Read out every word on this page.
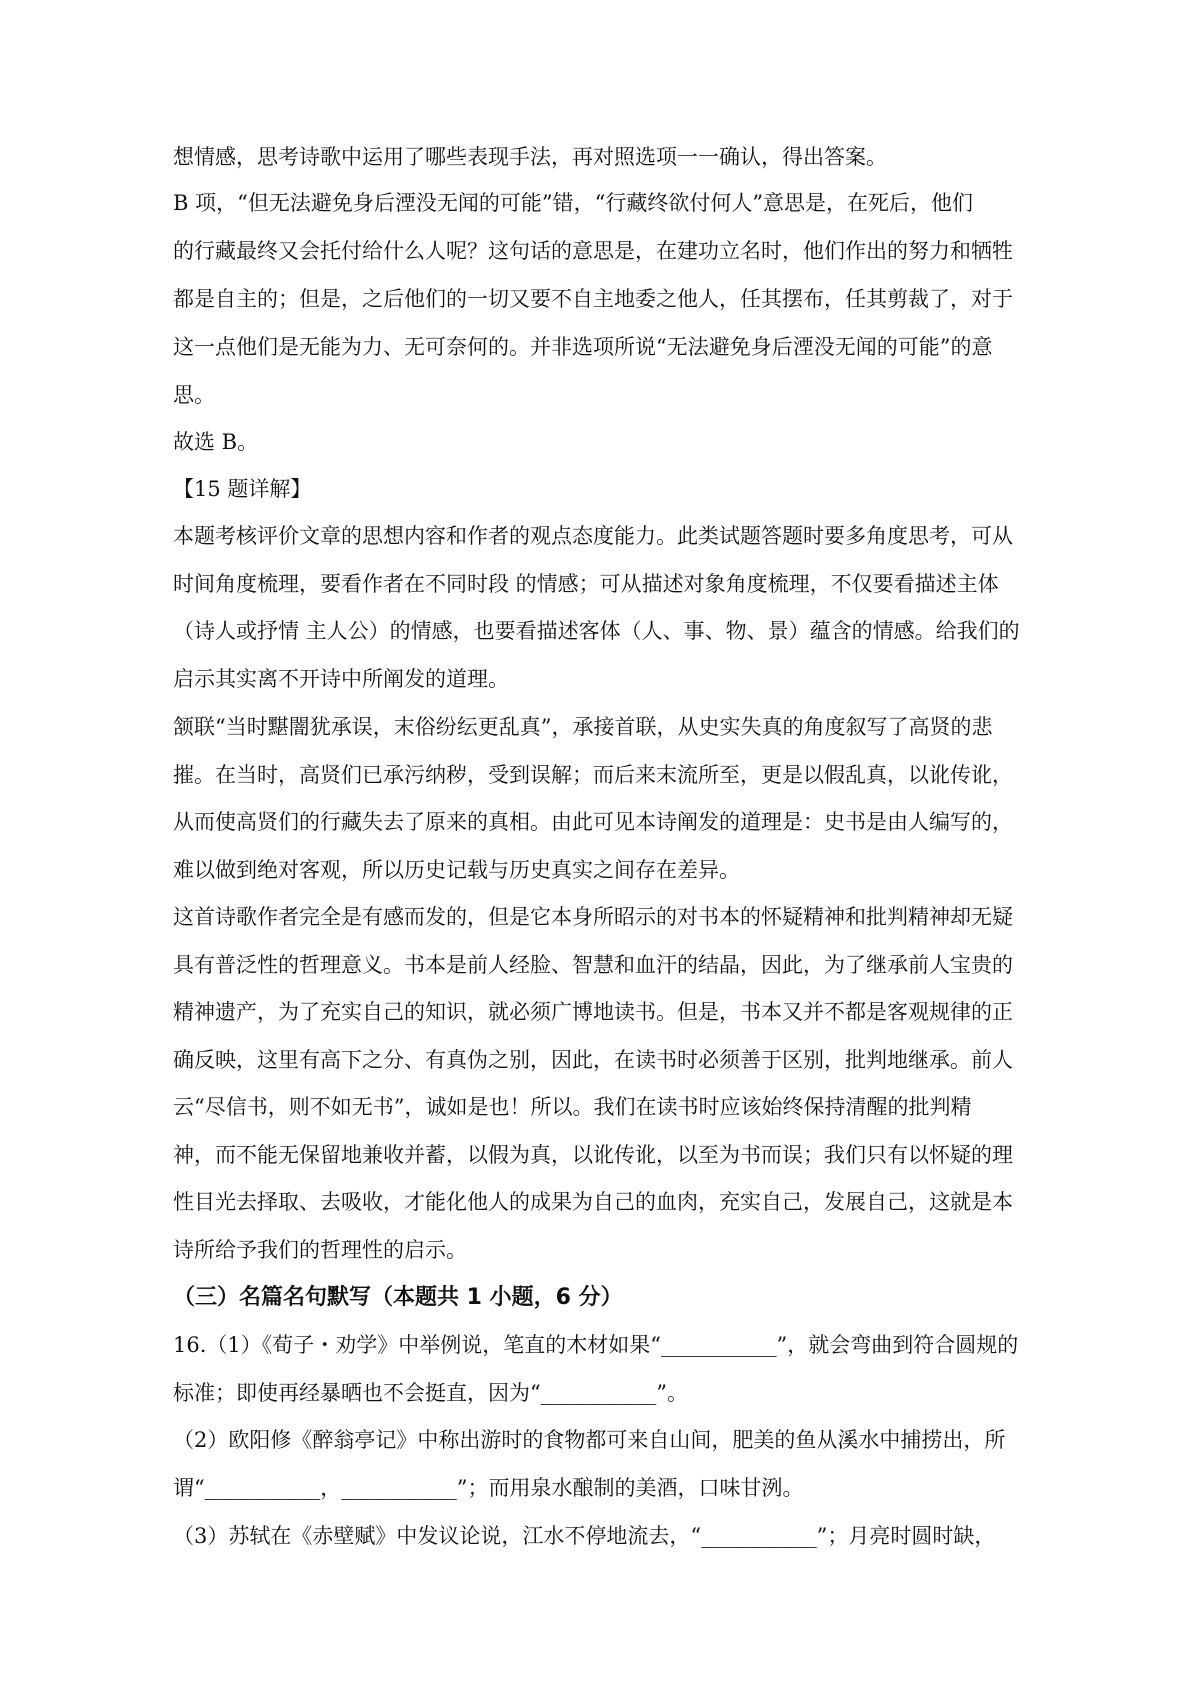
想情感，思考诗歌中运用了哪些表现手法，再对照选项一一确认，得出答案。
B 项，“但无法避免身后湮没无闻的可能”错，“行藏终欲付何人”意思是，在死后，他们
的行藏最终又会托付给什么人呢？这句话的意思是，在建功立名时，他们作出的努力和牺牲
都是自主的；但是，之后他们的一切又要不自主地委之他人，任其摆布，任其剪裁了，对于
这一点他们是无能为力、无可奈何的。并非选项所说“无法避免身后湮没无闻的可能”的意
思。
故选 B。
【15 题详解】
本题考核评价文章的思想内容和作者的观点态度能力。此类试题答题时要多角度思考，可从
时间角度梳理，要看作者在不同时段 的情感；可从描述对象角度梳理，不仅要看描述主体
（诗人或抒情 主人公）的情感，也要看描述客体（人、事、物、景）蕴含的情感。给我们的
启示其实离不开诗中所阐发的道理。
颔联“当时黮闇犹承误，末俗纷纭更乱真”，承接首联，从史实失真的角度叙写了高贤的悲
摧。在当时，高贤们已承污纳秽，受到误解；而后来末流所至，更是以假乱真，以讹传讹，
从而使高贤们的行藏失去了原来的真相。由此可见本诗阐发的道理是：史书是由人编写的，
难以做到绝对客观，所以历史记载与历史真实之间存在差异。
这首诗歌作者完全是有感而发的，但是它本身所昭示的对书本的怀疑精神和批判精神却无疑
具有普泛性的哲理意义。书本是前人经脸、智慧和血汗的结晶，因此，为了继承前人宝贵的
精神遗产，为了充实自己的知识，就必须广博地读书。但是，书本又并不都是客观规律的正
确反映，这里有高下之分、有真伪之别，因此，在读书时必须善于区别，批判地继承。前人
云“尽信书，则不如无书”，诚如是也！所以。我们在读书时应该始终保持清醒的批判精
神，而不能无保留地兼收并蓄，以假为真，以讹传讹，以至为书而误；我们只有以怀疑的理
性目光去择取、去吸收，才能化他人的成果为自己的血肉，充实自己，发展自己，这就是本
诗所给予我们的哲理性的启示。
（三）名篇名句默写（本题共 1 小题，6 分）
16.（1）《荀子・劝学》中举例说，笔直的木材如果“___________”，就会弯曲到符合圆规的
标准；即使再经暴晒也不会挺直，因为“___________”。
（2）欧阳修《醉翁亭记》中称出游时的食物都可来自山间，肥美的鱼从溪水中捕捞出，所
谓“___________，___________”；而用泉水酿制的美酒，口味甘洌。
（3）苏轼在《赤壁赋》中发议论说，江水不停地流去，“___________”；月亮时圆时缺，
